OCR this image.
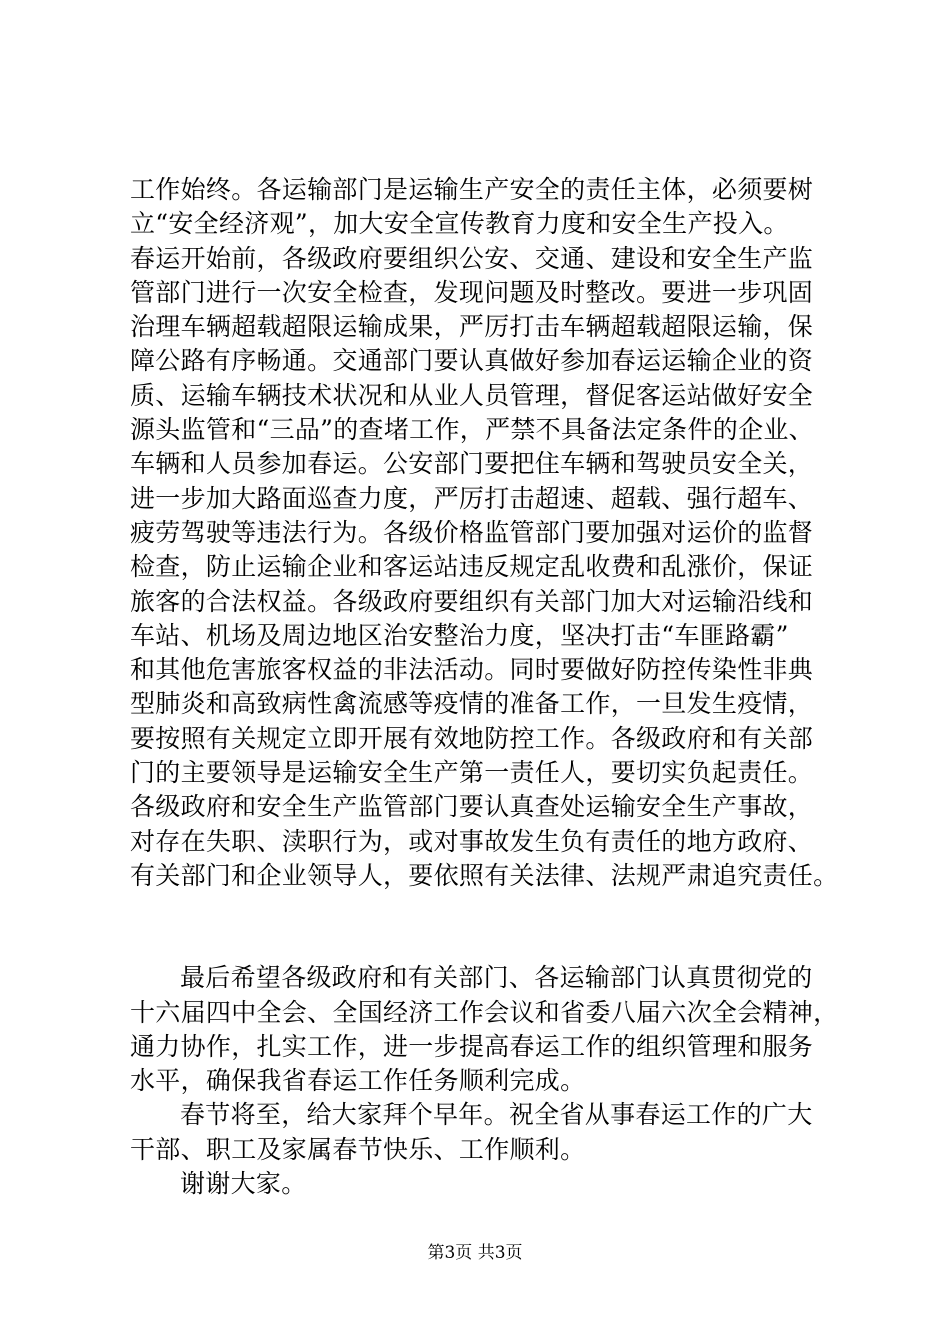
工作始终。各运输部门是运输生产安全的责任主体，必须要树
立“安全经济观”，加大安全宣传教育力度和安全生产投入。
春运开始前，各级政府要组织公安、交通、建设和安全生产监
管部门进行一次安全检查，发现问题及时整改。要进一步巩固
治理车辆超载超限运输成果，严厉打击车辆超载超限运输，保
障公路有序畅通。交通部门要认真做好参加春运运输企业的资
质、运输车辆技术状况和从业人员管理，督促客运站做好安全
源头监管和“三品”的查堵工作，严禁不具备法定条件的企业、
车辆和人员参加春运。公安部门要把住车辆和驾驶员安全关，
进一步加大路面巡查力度，严厉打击超速、超载、强行超车、
疲劳驾驶等违法行为。各级价格监管部门要加强对运价的监督
检查，防止运输企业和客运站违反规定乱收费和乱涨价，保证
旅客的合法权益。各级政府要组织有关部门加大对运输沿线和
车站、机场及周边地区治安整治力度，坚决打击“车匪路霸”
和其他危害旅客权益的非法活动。同时要做好防控传染性非典
型肺炎和高致病性禽流感等疫情的准备工作，一旦发生疫情，
要按照有关规定立即开展有效地防控工作。各级政府和有关部
门的主要领导是运输安全生产第一责任人，要切实负起责任。
各级政府和安全生产监管部门要认真查处运输安全生产事故，
对存在失职、渎职行为，或对事故发生负有责任的地方政府、
有关部门和企业领导人，要依照有关法律、法规严肃追究责任。
最后希望各级政府和有关部门、各运输部门认真贯彻党的
十六届四中全会、全国经济工作会议和省委八届六次全会精神，
通力协作，扎实工作，进一步提高春运工作的组织管理和服务
水平，确保我省春运工作任务顺利完成。
春节将至，给大家拜个早年。祝全省从事春运工作的广大
干部、职工及家属春节快乐、工作顺利。
谢谢大家。
第3页 共3页
